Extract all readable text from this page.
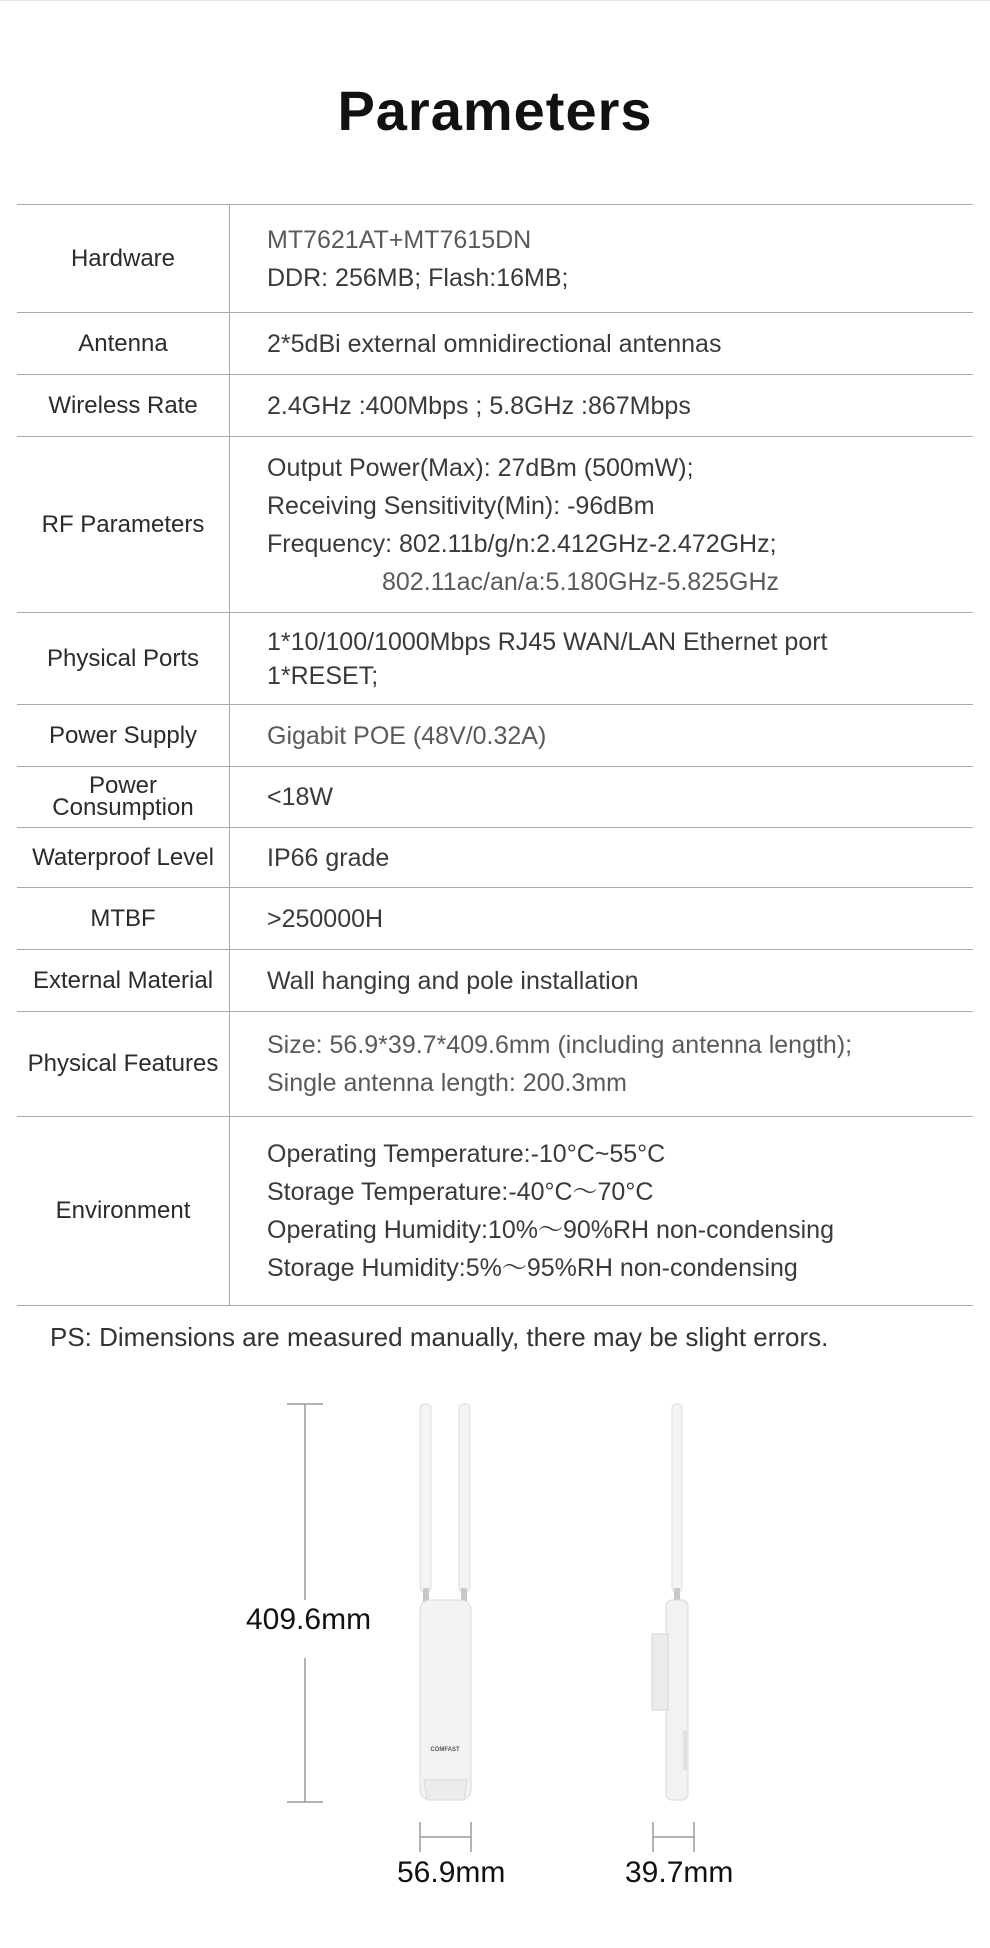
Parameters
Hardware	MT7621AT+MT7615DN
DDR: 256MB; Flash:16MB;

Antenna	2*5dBi external omnidirectional antennas

Wireless Rate	2.4GHz :400Mbps ; 5.8GHz :867Mbps

RF Parameters	Output Power(Max): 27dBm (500mW);
Receiving Sensitivity(Min): -96dBm
Frequency: 802.11b/g/n:2.412GHz-2.472GHz;
802.11ac/an/a:5.180GHz-5.825GHz

Physical Ports	1*10/100/1000Mbps RJ45 WAN/LAN Ethernet port
1*RESET;

Power Supply	Gigabit POE (48V/0.32A)

Power Consumption	<18W

Waterproof Level	IP66 grade

MTBF	>250000H

External Material	Wall hanging and pole installation

Physical Features	Size: 56.9*39.7*409.6mm (including antenna length);
Single antenna length: 200.3mm

Environment	Operating Temperature:-10°C~55°C
Storage Temperature:-40°C～70°C
Operating Humidity:10%～90%RH non-condensing
Storage Humidity:5%～95%RH non-condensing
PS: Dimensions are measured manually, there may be slight errors.
COMFAST
409.6mm
56.9mm	39.7mm
